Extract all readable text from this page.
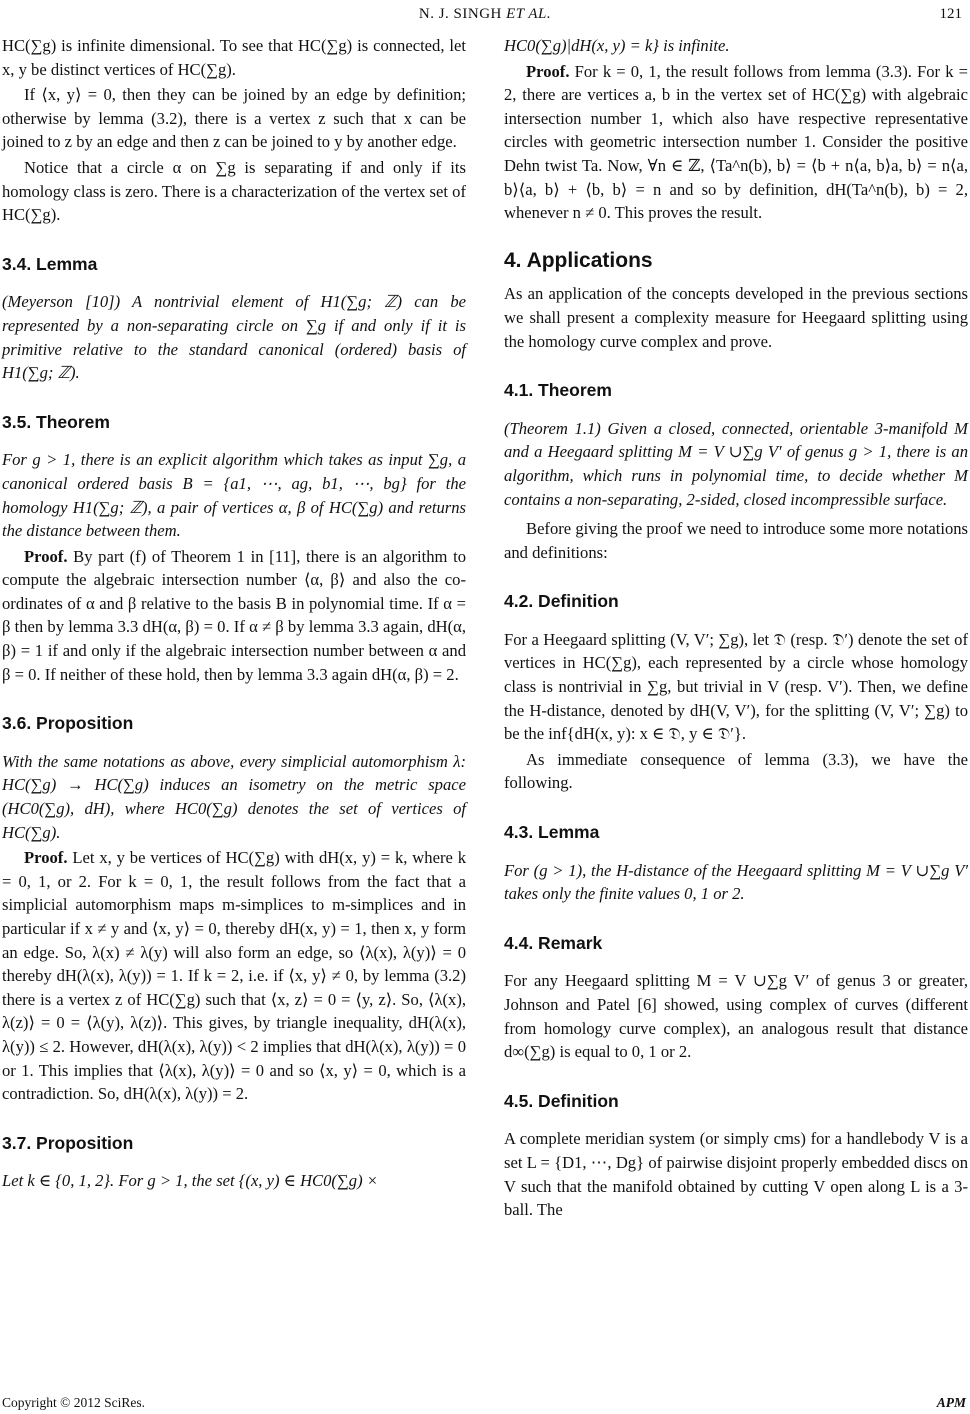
N. J. SINGH ET AL.	121

HC(∑g) is infinite dimensional. To see that HC(∑g) is connected, let x, y be distinct vertices of HC(∑g).

If ⟨x, y⟩ = 0, then they can be joined by an edge by definition; otherwise by lemma (3.2), there is a vertex z such that x can be joined to z by an edge and then z can be joined to y by another edge.

Notice that a circle α on ∑g is separating if and only if its homology class is zero. There is a characterization of the vertex set of HC(∑g).

3.4. Lemma

(Meyerson [10]) A nontrivial element of H1(∑g; ℤ) can be represented by a non-separating circle on ∑g if and only if it is primitive relative to the standard canonical (ordered) basis of H1(∑g; ℤ).

3.5. Theorem

For g > 1, there is an explicit algorithm which takes as input ∑g, a canonical ordered basis B = {a1, ⋯, ag, b1, ⋯, bg} for the homology H1(∑g; ℤ), a pair of vertices α, β of HC(∑g) and returns the distance between them.

Proof. By part (f) of Theorem 1 in [11], there is an algorithm to compute the algebraic intersection number ⟨α, β⟩ and also the co-ordinates of α and β relative to the basis B in polynomial time. If α = β then by lemma 3.3 dH(α, β) = 0. If α ≠ β by lemma 3.3 again, dH(α, β) = 1 if and only if the algebraic intersection number between α and β = 0. If neither of these hold, then by lemma 3.3 again dH(α, β) = 2.

3.6. Proposition

With the same notations as above, every simplicial automorphism λ: HC(∑g) → HC(∑g) induces an isometry on the metric space (HC0(∑g), dH), where HC0(∑g) denotes the set of vertices of HC(∑g).

Proof. Let x, y be vertices of HC(∑g) with dH(x, y) = k, where k = 0, 1, or 2. For k = 0, 1, the result follows from the fact that a simplicial automorphism maps m-simplices to m-simplices and in particular if x ≠ y and ⟨x, y⟩ = 0, thereby dH(x, y) = 1, then x, y form an edge. So, λ(x) ≠ λ(y) will also form an edge, so ⟨λ(x), λ(y)⟩ = 0 thereby dH(λ(x), λ(y)) = 1. If k = 2, i.e. if ⟨x, y⟩ ≠ 0, by lemma (3.2) there is a vertex z of HC(∑g) such that ⟨x, z⟩ = 0 = ⟨y, z⟩. So, ⟨λ(x), λ(z)⟩ = 0 = ⟨λ(y), λ(z)⟩. This gives, by triangle inequality, dH(λ(x), λ(y)) ≤ 2. However, dH(λ(x), λ(y)) < 2 implies that dH(λ(x), λ(y)) = 0 or 1. This implies that ⟨λ(x), λ(y)⟩ = 0 and so ⟨x, y⟩ = 0, which is a contradiction. So, dH(λ(x), λ(y)) = 2.

3.7. Proposition

Let k ∈ {0, 1, 2}. For g > 1, the set {(x, y) ∈ HC0(∑g) ×

HC0(∑g)|dH(x, y) = k} is infinite.

Proof. For k = 0, 1, the result follows from lemma (3.3). For k = 2, there are vertices a, b in the vertex set of HC(∑g) with algebraic intersection number 1, which also have respective representative circles with geometric intersection number 1. Consider the positive Dehn twist Ta. Now, ∀n ∈ ℤ, ⟨Ta^n(b), b⟩ = ⟨b + n⟨a, b⟩a, b⟩ = n⟨a, b⟩⟨a, b⟩ + ⟨b, b⟩ = n and so by definition, dH(Ta^n(b), b) = 2, whenever n ≠ 0. This proves the result.

4. Applications

As an application of the concepts developed in the previous sections we shall present a complexity measure for Heegaard splitting using the homology curve complex and prove.

4.1. Theorem

(Theorem 1.1) Given a closed, connected, orientable 3-manifold M and a Heegaard splitting M = V ∪∑g V′ of genus g > 1, there is an algorithm, which runs in polynomial time, to decide whether M contains a non-separating, 2-sided, closed incompressible surface.

Before giving the proof we need to introduce some more notations and definitions:

4.2. Definition

For a Heegaard splitting (V, V′; ∑g), let 𝔇 (resp. 𝔇′) denote the set of vertices in HC(∑g), each represented by a circle whose homology class is nontrivial in ∑g, but trivial in V (resp. V′). Then, we define the H-distance, denoted by dH(V, V′), for the splitting (V, V′; ∑g) to be the inf{dH(x, y): x ∈ 𝔇, y ∈ 𝔇′}.

As immediate consequence of lemma (3.3), we have the following.

4.3. Lemma

For (g > 1), the H-distance of the Heegaard splitting M = V ∪∑g V′ takes only the finite values 0, 1 or 2.

4.4. Remark

For any Heegaard splitting M = V ∪∑g V′ of genus 3 or greater, Johnson and Patel [6] showed, using complex of curves (different from homology curve complex), an analogous result that distance d∞(∑g) is equal to 0, 1 or 2.

4.5. Definition

A complete meridian system (or simply cms) for a handlebody V is a set L = {D1, ⋯, Dg} of pairwise disjoint properly embedded discs on V such that the manifold obtained by cutting V open along L is a 3-ball. The

Copyright © 2012 SciRes.	APM
